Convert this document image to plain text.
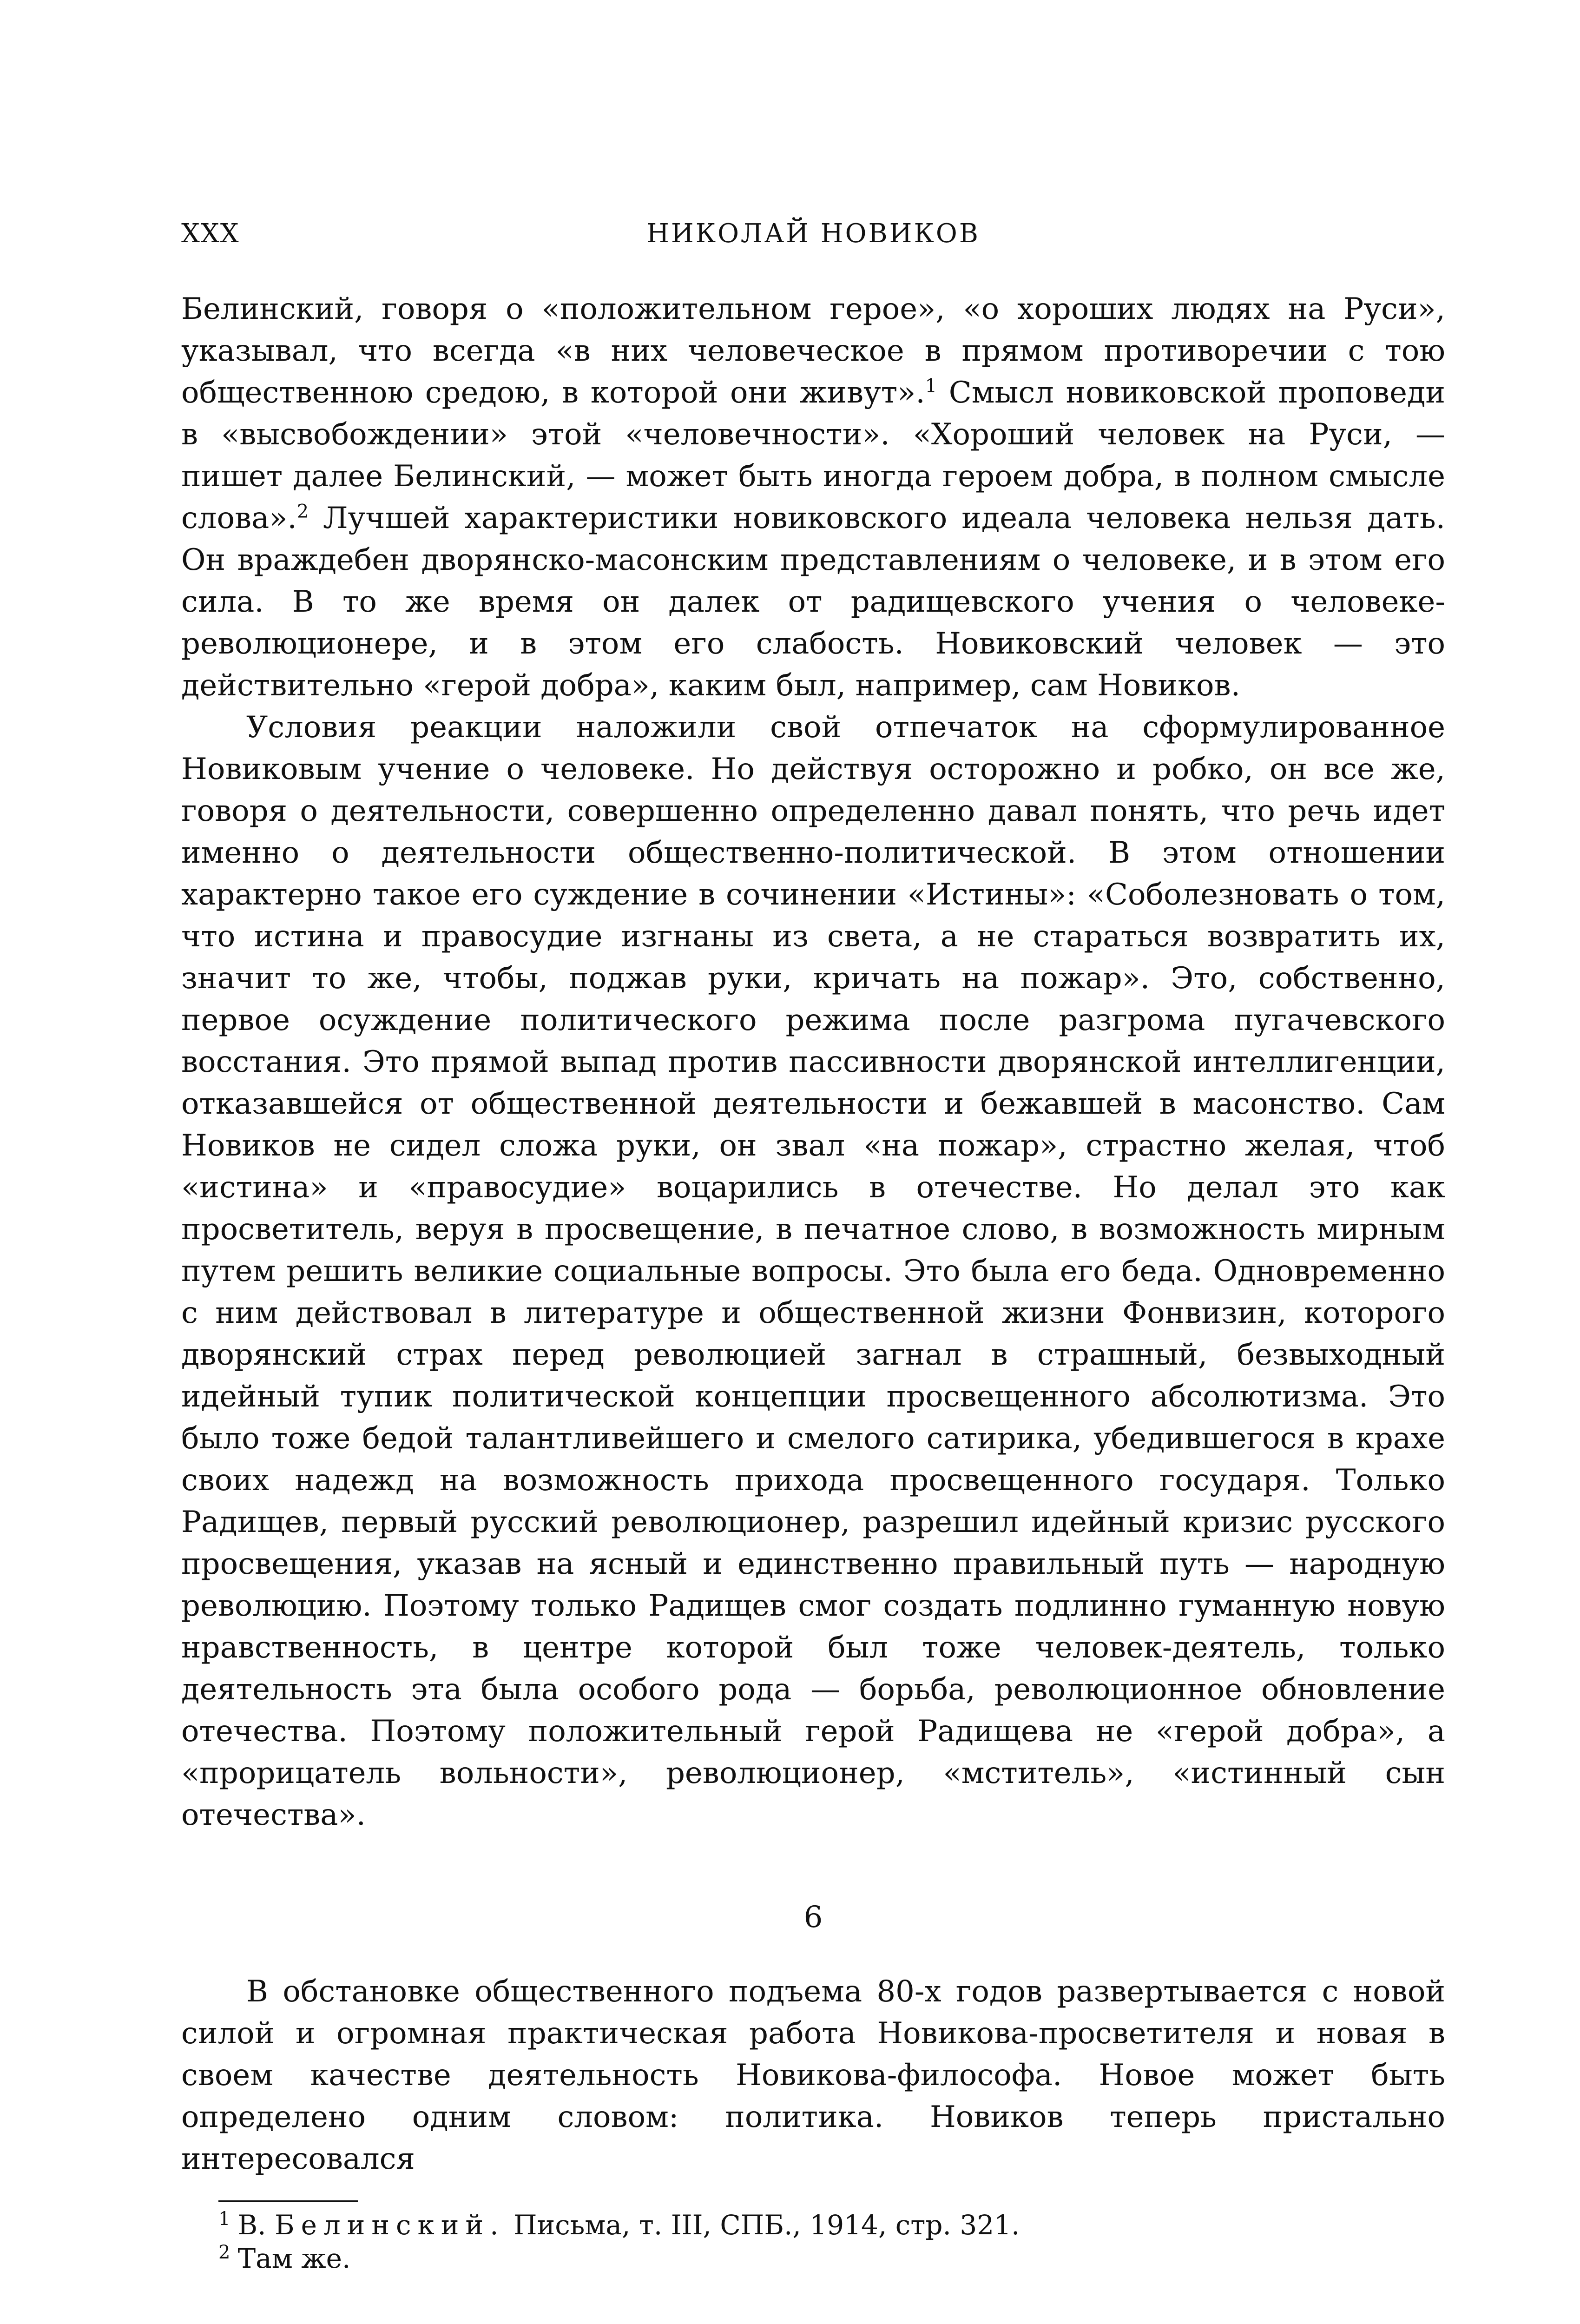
XXX	НИКОЛАЙ НОВИКОВ

Белинский, говоря о «положительном герое», «о хороших людях на Руси», указывал, что всегда «в них человеческое в прямом противоречии с тою общественною средою, в которой они живут».$^1$ Смысл новиковской проповеди в «высвобождении» этой «человечности». «Хороший человек на Руси, — пишет далее Белинский, — может быть иногда героем добра, в полном смысле слова».$^2$ Лучшей характеристики новиковского идеала человека нельзя дать. Он враждебен дворянско-масонским представлениям о человеке, и в этом его сила. В то же время он далек от радищевского учения о человеке-революционере, и в этом его слабость. Новиковский человек — это действительно «герой добра», каким был, например, сам Новиков.

Условия реакции наложили свой отпечаток на сформулированное Новиковым учение о человеке. Но действуя осторожно и робко, он все же, говоря о деятельности, совершенно определенно давал понять, что речь идет именно о деятельности общественно-политической. В этом отношении характерно такое его суждение в сочинении «Истины»: «Соболезновать о том, что истина и правосудие изгнаны из света, а не стараться возвратить их, значит то же, чтобы, поджав руки, кричать на пожар». Это, собственно, первое осуждение политического режима после разгрома пугачевского восстания. Это прямой выпад против пассивности дворянской интеллигенции, отказавшейся от общественной деятельности и бежавшей в масонство. Сам Новиков не сидел сложа руки, он звал «на пожар», страстно желая, чтоб «истина» и «правосудие» воцарились в отечестве. Но делал это как просветитель, веруя в просвещение, в печатное слово, в возможность мирным путем решить великие социальные вопросы. Это была его беда. Одновременно с ним действовал в литературе и общественной жизни Фонвизин, которого дворянский страх перед революцией загнал в страшный, безвыходный идейный тупик политической концепции просвещенного абсолютизма. Это было тоже бедой талантливейшего и смелого сатирика, убедившегося в крахе своих надежд на возможность прихода просвещенного государя. Только Радищев, первый русский революционер, разрешил идейный кризис русского просвещения, указав на ясный и единственно правильный путь — народную революцию. Поэтому только Радищев смог создать подлинно гуманную новую нравственность, в центре которой был тоже человек-деятель, только деятельность эта была особого рода — борьба, революционное обновление отечества. Поэтому положительный герой Радищева не «герой добра», а «прорицатель вольности», революционер, «мститель», «истинный сын отечества».

6

В обстановке общественного подъема 80-х годов развертывается с новой силой и огромная практическая работа Новикова-просветителя и новая в своем качестве деятельность Новикова-философа. Новое может быть определено одним словом: политика. Новиков теперь пристально интересовался

$^1$ В. Белинский. Письма, т. III, СПБ., 1914, стр. 321.
$^2$ Там же.
